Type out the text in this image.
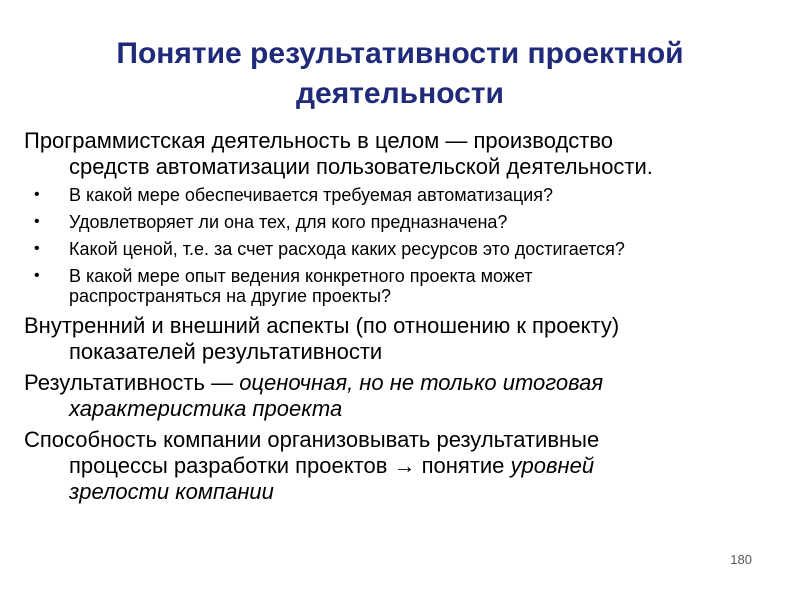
Понятие результативности проектной
деятельности

Программистская деятельность в целом — производство
средств автоматизации пользовательской деятельности.

• В какой мере обеспечивается требуемая автоматизация?
• Удовлетворяет ли она тех, для кого предназначена?
• Какой ценой, т.е. за счет расхода каких ресурсов это достигается?
• В какой мере опыт ведения конкретного проекта может
распространяться на другие проекты?

Внутренний и внешний аспекты (по отношению к проекту)
показателей результативности

Результативность — оценочная, но не только итоговая
характеристика проекта

Способность компании организовывать результативные
процессы разработки проектов → понятие уровней
зрелости компании

180
